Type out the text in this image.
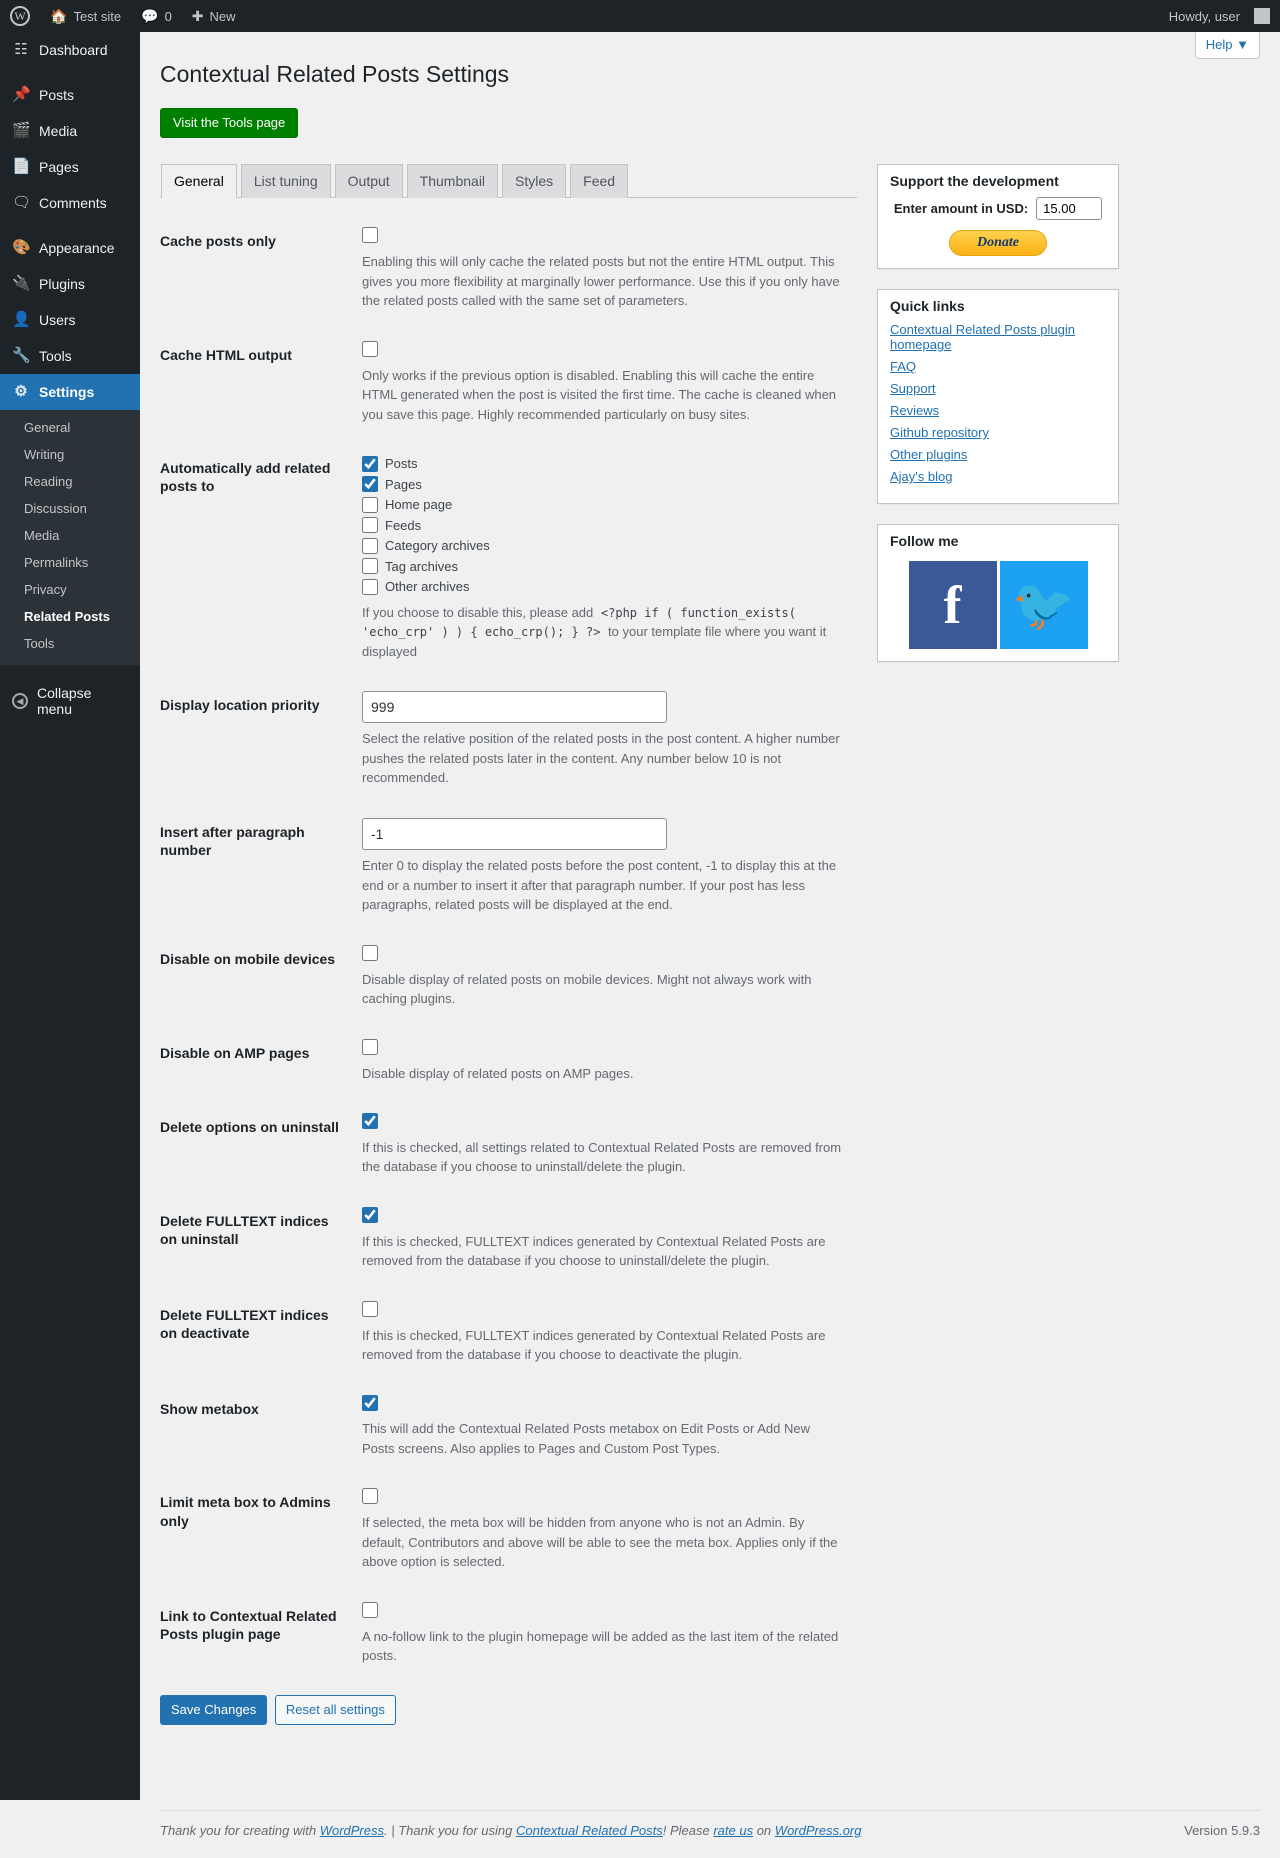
W
🏠 Test site 💬 0 ✚ New	Howdy, user
☷ Dashboard
📌 Posts
🎬 Media
📄 Pages
🗨 Comments
🎨 Appearance
🔌 Plugins
👤 Users
🔧 Tools
⚙ Settings
General
Writing
Reading
Discussion
Media
Permalinks
Privacy
Related Posts
Tools
◀ Collapse menu
Help ▼
Contextual Related Posts Settings
Visit the Tools page
General	List tuning	Output	Thumbnail	Styles	Feed
Cache posts only	Enabling this will only cache the related posts but not the entire HTML output. This gives you more flexibility at marginally lower performance. Use this if you only have the related posts called with the same set of parameters.

Cache HTML output	Only works if the previous option is disabled. Enabling this will cache the entire HTML generated when the post is visited the first time. The cache is cleaned when you save this page. Highly recommended particularly on busy sites.

Automatically add related posts to	
Posts
Pages
Home page
Feeds
Category archives
Tag archives
Other archives

If you choose to disable this, please add <?php if ( function_exists( 'echo_crp' ) ) { echo_crp(); } ?> to your template file where you want it displayed

Display location priority	999

Select the relative position of the related posts in the post content. A higher number pushes the related posts later in the content. Any number below 10 is not recommended.

Insert after paragraph number	-1

Enter 0 to display the related posts before the post content, -1 to display this at the end or a number to insert it after that paragraph number. If your post has less paragraphs, related posts will be displayed at the end.

Disable on mobile devices	Disable display of related posts on mobile devices. Might not always work with caching plugins.

Disable on AMP pages	Disable display of related posts on AMP pages.

Delete options on uninstall	If this is checked, all settings related to Contextual Related Posts are removed from the database if you choose to uninstall/delete the plugin.

Delete FULLTEXT indices on uninstall	If this is checked, FULLTEXT indices generated by Contextual Related Posts are removed from the database if you choose to uninstall/delete the plugin.

Delete FULLTEXT indices on deactivate	If this is checked, FULLTEXT indices generated by Contextual Related Posts are removed from the database if you choose to deactivate the plugin.

Show metabox	This will add the Contextual Related Posts metabox on Edit Posts or Add New Posts screens. Also applies to Pages and Custom Post Types.

Limit meta box to Admins only	If selected, the meta box will be hidden from anyone who is not an Admin. By default, Contributors and above will be able to see the meta box. Applies only if the above option is selected.

Link to Contextual Related Posts plugin page	A no-follow link to the plugin homepage will be added as the last item of the related posts.

Save Changes Reset all settings
Support the development
Enter amount in USD:
15.00
Donate
Quick links
Contextual Related Posts plugin homepage
FAQ
Support
Reviews
Github repository
Other plugins
Ajay's blog
Follow me
f	🐦
Thank you for creating with WordPress. | Thank you for using Contextual Related Posts! Please rate us on WordPress.org	Version 5.9.3
